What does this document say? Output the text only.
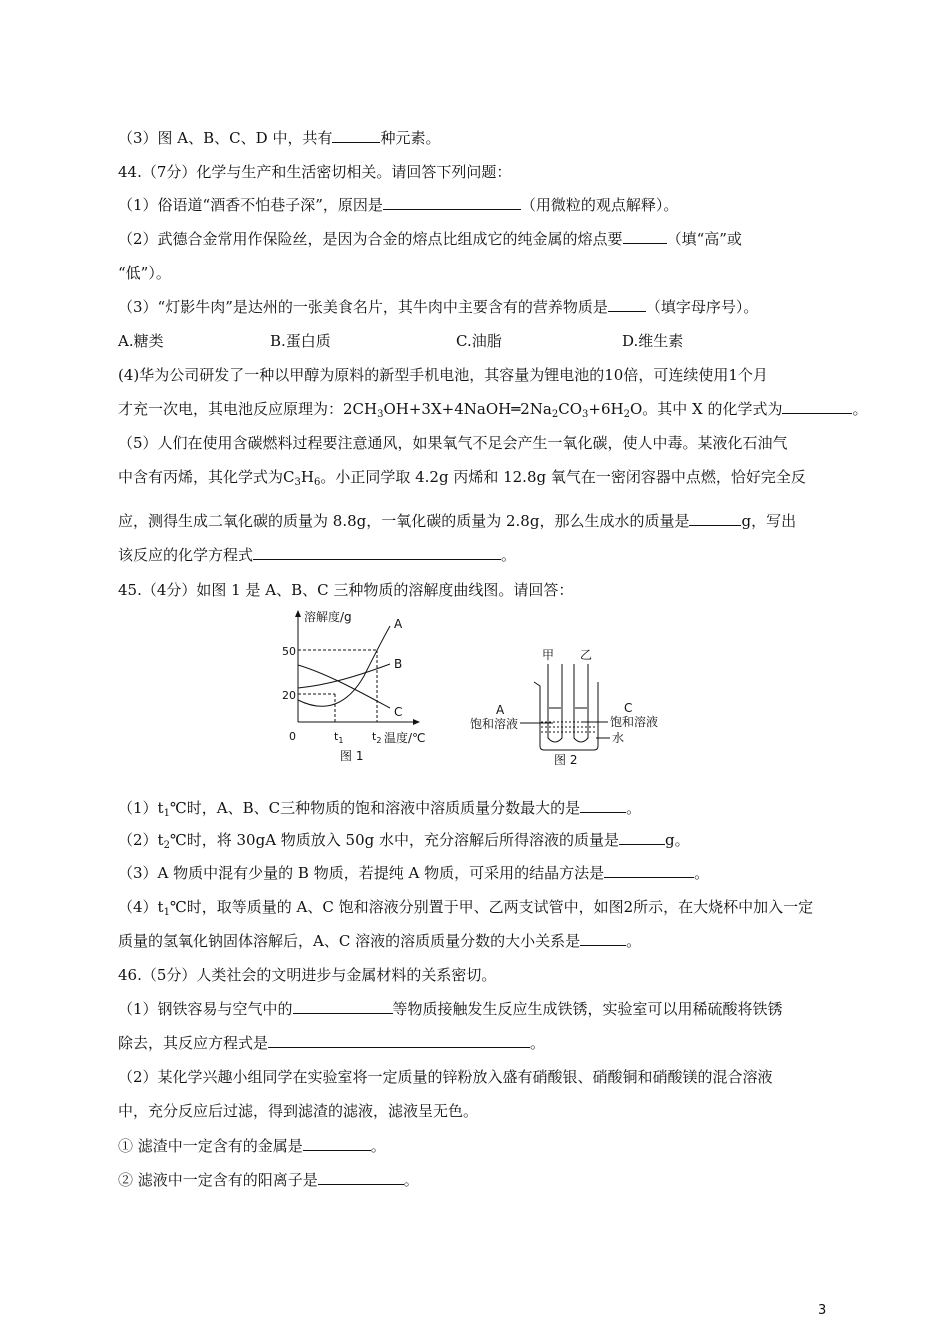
（3）图 A、B、C、D 中，共有	种元素。
44.（7分）化学与生产和生活密切相关。请回答下列问题：
（1）俗语道“酒香不怕巷子深”，原因是	（用微粒的观点解释）。
（2）武德合金常用作保险丝，是因为合金的熔点比组成它的纯金属的熔点要	（填“高”或
“低”）。
（3）“灯影牛肉”是达州的一张美食名片，其牛肉中主要含有的营养物质是	（填字母序号）。
A.糖类	B.蛋白质	C.油脂	D.维生素
(4)华为公司研发了一种以甲醇为原料的新型手机电池，其容量为锂电池的10倍，可连续使用1个月
才充一次电，其电池反应原理为：$2CH_3OH+3X+4NaOH═2Na_2CO_3+6H_2O$。其中 X 的化学式为	。
（5）人们在使用含碳燃料过程要注意通风，如果氧气不足会产生一氧化碳，使人中毒。某液化石油气
中含有丙烯，其化学式为$C_3H_6$。小正同学取 4.2g 丙烯和 12.8g 氧气在一密闭容器中点燃，恰好完全反
应，测得生成二氧化碳的质量为 8.8g，一氧化碳的质量为 2.8g，那么生成水的质量是	g，写出
该反应的化学方程式	。
45.（4分）如图 1 是 A、B、C 三种物质的溶解度曲线图。请回答：
溶解度/g
50
20
0	$t_1$	$t_2$ 温度/℃
A
B
C
图 1
甲 乙
A	C
饱和溶液	饱和溶液
水
图 2
$(1)t_1℃$时，A、B、C三种物质的饱和溶液中溶质质量分数最大的是	。
$(2)t_2℃$时，将 30gA 物质放入 50g 水中，充分溶解后所得溶液的质量是	g。
（3）A 物质中混有少量的 B 物质，若提纯 A 物质，可采用的结晶方法是	。
$(4)t_1℃$时，取等质量的 A、C 饱和溶液分别置于甲、乙两支试管中，如图2所示，在大烧杯中加入一定
质量的氢氧化钠固体溶解后，A、C 溶液的溶质质量分数的大小关系是	。
46.（5分）人类社会的文明进步与金属材料的关系密切。
（1）钢铁容易与空气中的	等物质接触发生反应生成铁锈，实验室可以用稀硫酸将铁锈
除去，其反应方程式是	。
（2）某化学兴趣小组同学在实验室将一定质量的锌粉放入盛有硝酸银、硝酸铜和硝酸镁的混合溶液
中，充分反应后过滤，得到滤渣的滤液，滤液呈无色。
① 滤渣中一定含有的金属是	。
② 滤液中一定含有的阳离子是	。
3
